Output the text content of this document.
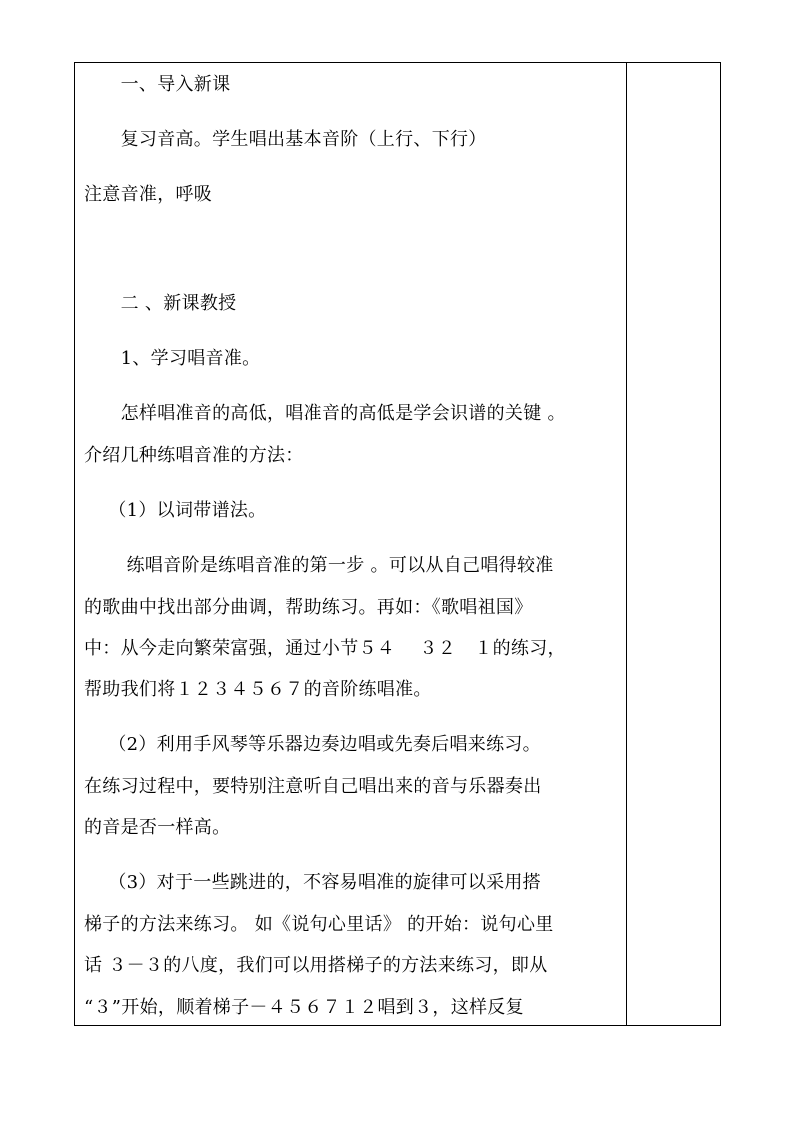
　　一、导入新课
　　复习音高。学生唱出基本音阶（上行、下行）
注意音准，呼吸
　　二 、新课教授
　　1、学习唱音准。
　　怎样唱准音的高低，唱准音的高低是学会识谱的关键 。
介绍几种练唱音准的方法：
　 （1）以词带谱法。
　　 练唱音阶是练唱音准的第一步 。可以从自己唱得较准
的歌曲中找出部分曲调，帮助练习。再如：《歌唱祖国》
中：从今走向繁荣富强，通过小节５４　 ３２　１的练习，
帮助我们将１２３４５６７的音阶练唱准。
　 （2）利用手风琴等乐器边奏边唱或先奏后唱来练习。
在练习过程中，要特别注意听自己唱出来的音与乐器奏出
的音是否一样高。
　 （3）对于一些跳进的，不容易唱准的旋律可以采用搭
梯子的方法来练习。 如《说句心里话》 的开始：说句心里
话 ３－３的八度，我们可以用搭梯子的方法来练习，即从
“３”开始，顺着梯子－４５６７１２唱到３，这样反复
